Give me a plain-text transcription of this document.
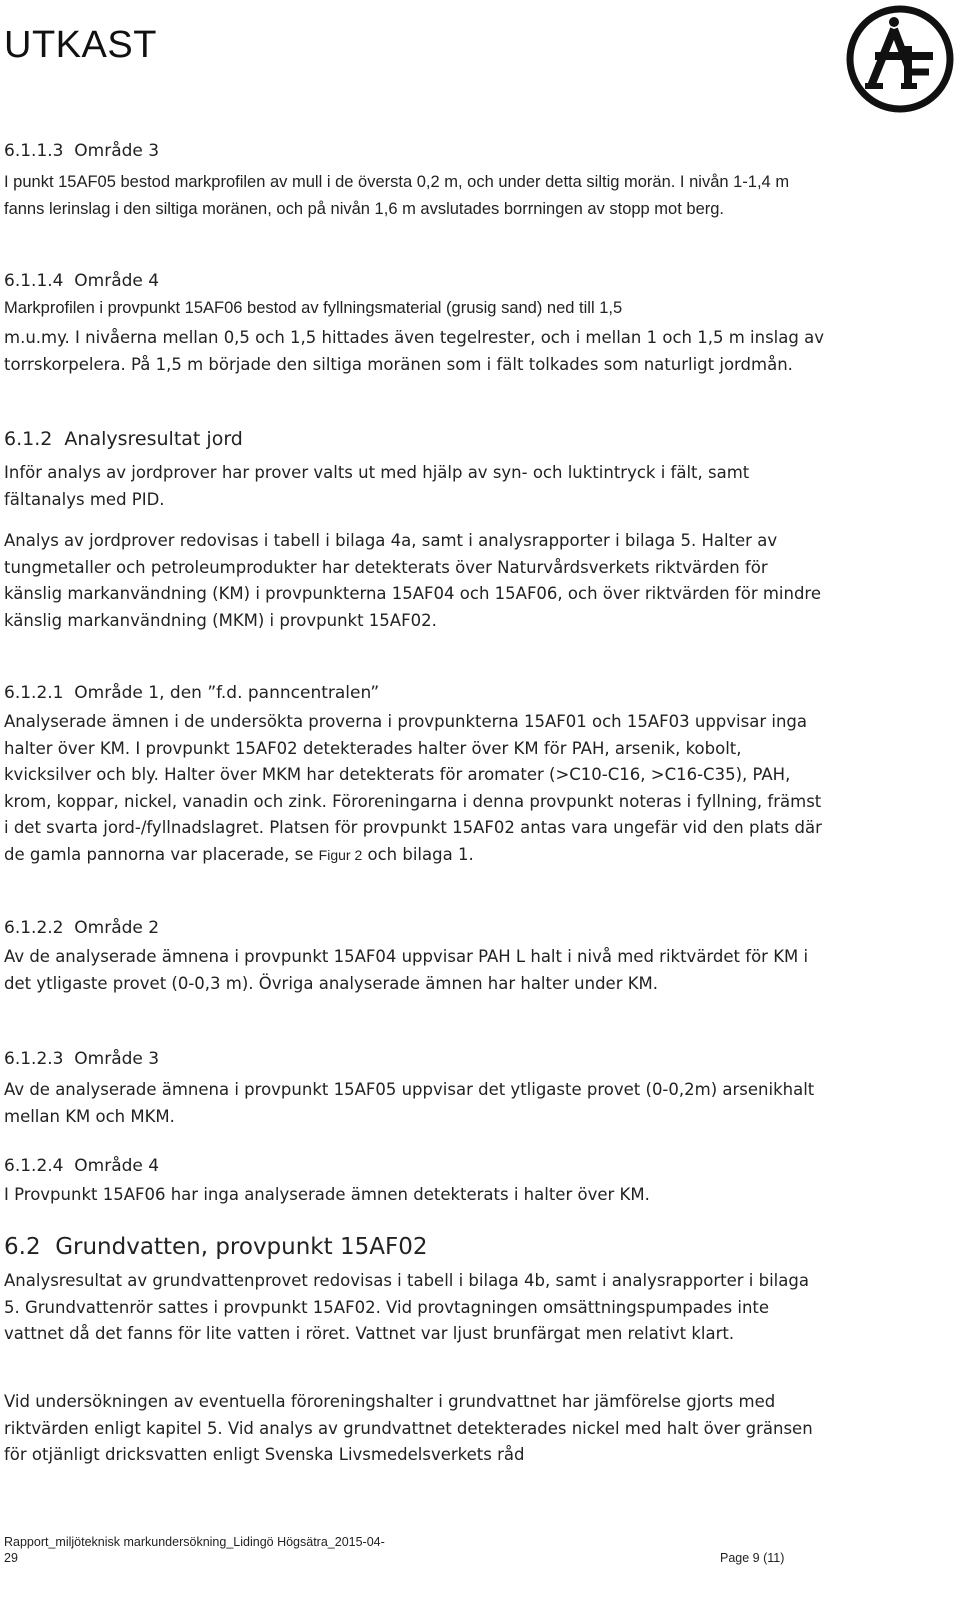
UTKAST
6.1.1.3  Område 3
I punkt 15AF05 bestod markprofilen av mull i de översta 0,2 m, och under detta siltig morän. I nivån 1-1,4 m fanns lerinslag i den siltiga moränen, och på nivån 1,6 m avslutades borrningen av stopp mot berg.
6.1.1.4  Område 4
Markprofilen i provpunkt 15AF06 bestod av fyllningsmaterial (grusig sand) ned till 1,5
m.u.my. I nivåerna mellan 0,5 och 1,5 hittades även tegelrester, och i mellan 1 och 1,5 m inslag av torrskorpelera. På 1,5 m började den siltiga moränen som i fält tolkades som naturligt jordmån.
6.1.2  Analysresultat jord
Inför analys av jordprover har prover valts ut med hjälp av syn- och luktintryck i fält, samt fältanalys med PID.
Analys av jordprover redovisas i tabell i bilaga 4a, samt i analysrapporter i bilaga 5. Halter av tungmetaller och petroleumprodukter har detekterats över Naturvårdsverkets riktvärden för känslig markanvändning (KM) i provpunkterna 15AF04 och 15AF06, och över riktvärden för mindre känslig markanvändning (MKM) i provpunkt 15AF02.
6.1.2.1  Område 1, den ”f.d. panncentralen”
Analyserade ämnen i de undersökta proverna i provpunkterna 15AF01 och 15AF03 uppvisar inga halter över KM. I provpunkt 15AF02 detekterades halter över KM för PAH, arsenik, kobolt, kvicksilver och bly. Halter över MKM har detekterats för aromater (>C10-C16, >C16-C35), PAH, krom, koppar, nickel, vanadin och zink. Föroreningarna i denna provpunkt noteras i fyllning, främst i det svarta jord-/fyllnadslagret. Platsen för provpunkt 15AF02 antas vara ungefär vid den plats där de gamla pannorna var placerade, se Figur 2 och bilaga 1.
6.1.2.2  Område 2
Av de analyserade ämnena i provpunkt 15AF04 uppvisar PAH L halt i nivå med riktvärdet för KM i det ytligaste provet (0-0,3 m). Övriga analyserade ämnen har halter under KM.
6.1.2.3  Område 3
Av de analyserade ämnena i provpunkt 15AF05 uppvisar det ytligaste provet (0-0,2m) arsenikhalt mellan KM och MKM.
6.1.2.4  Område 4
I Provpunkt 15AF06 har inga analyserade ämnen detekterats i halter över KM.
6.2  Grundvatten, provpunkt 15AF02
Analysresultat av grundvattenprovet redovisas i tabell i bilaga 4b, samt i analysrapporter i bilaga 5. Grundvattenrör sattes i provpunkt 15AF02. Vid provtagningen omsättningspumpades inte vattnet då det fanns för lite vatten i röret. Vattnet var ljust brunfärgat men relativt klart.
Vid undersökningen av eventuella föroreningshalter i grundvattnet har jämförelse gjorts med riktvärden enligt kapitel 5. Vid analys av grundvattnet detekterades nickel med halt över gränsen för otjänligt dricksvatten enligt Svenska Livsmedelsverkets råd
Rapport_miljöteknisk markundersökning_Lidingö Högsätra_2015-04-
29	Page 9 (11)
